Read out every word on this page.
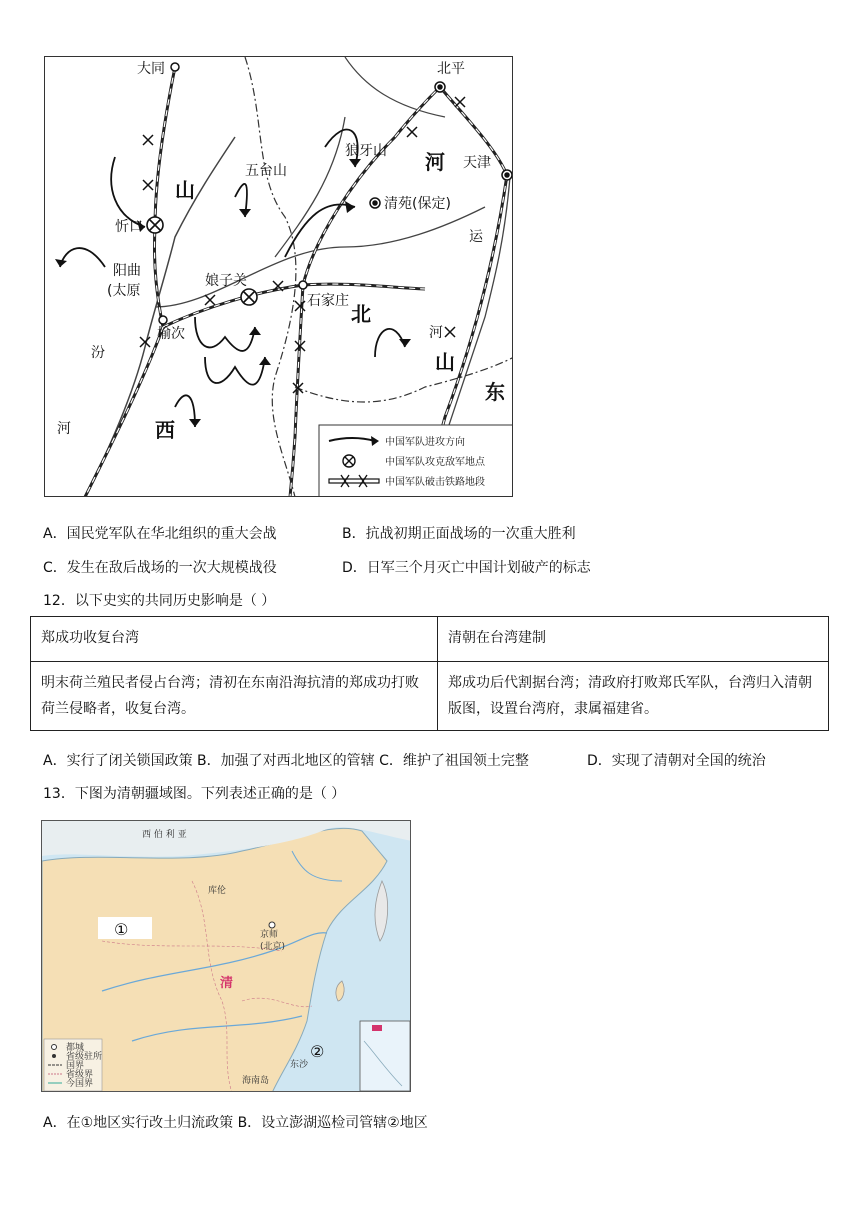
大同	北平
天津
狼牙山
五台山
清苑(保定)
忻口
阳曲
(太原
娘子关
石家庄
榆次
山
河
北
西
山
东
汾
河
运
河
中国军队进攻方向
中国军队攻克敌军地点
中国军队破击铁路地段
A．国民党军队在华北组织的重大会战	B．抗战初期正面战场的一次重大胜利
C．发生在敌后战场的一次大规模战役	D．日军三个月灭亡中国计划破产的标志
12．以下史实的共同历史影响是（ ）
郑成功收复台湾	清朝在台湾建制
明末荷兰殖民者侵占台湾；清初在东南沿海抗清的郑成功打败荷兰侵略者，收复台湾。	郑成功后代割据台湾；清政府打败郑氏军队，台湾归入清朝版图，设置台湾府，隶属福建省。
A．实行了闭关锁国政策 B．加强了对西北地区的管辖 C．维护了祖国领土完整	D．实现了清朝对全国的统治
13．下图为清朝疆域图。下列表述正确的是（ ）
都城
省级驻所
国界
省级界
今国界
西 伯 利 亚
库伦
京师
(北京)
清
①
②
海南岛
东沙
A．在①地区实行改土归流政策 B．设立澎湖巡检司管辖②地区
